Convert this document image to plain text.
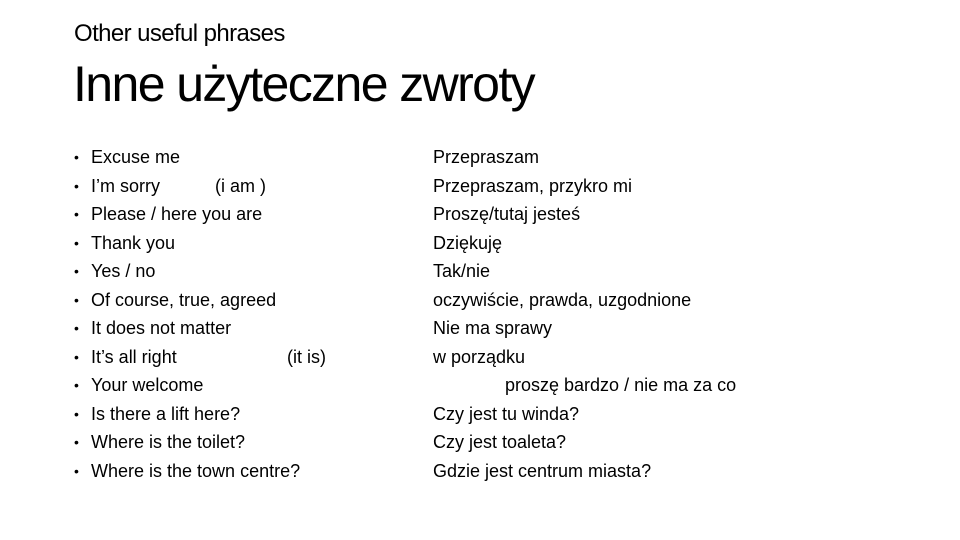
Other useful phrases
Inne użyteczne zwroty
• Excuse me
• I’m sorry	(i am )
• Please / here you are
• Thank you
• Yes / no
• Of course, true, agreed
• It does not matter
• It’s all right	(it is)
• Your welcome
• Is there a lift here?
• Where is the toilet?
• Where is the town centre?
Przepraszam
Przepraszam, przykro mi
Proszę/tutaj jesteś
Dziękuję
Tak/nie
oczywiście, prawda, uzgodnione
Nie ma sprawy
w porządku
proszę bardzo / nie ma za co
Czy jest tu winda?
Czy jest toaleta?
Gdzie jest centrum miasta?
